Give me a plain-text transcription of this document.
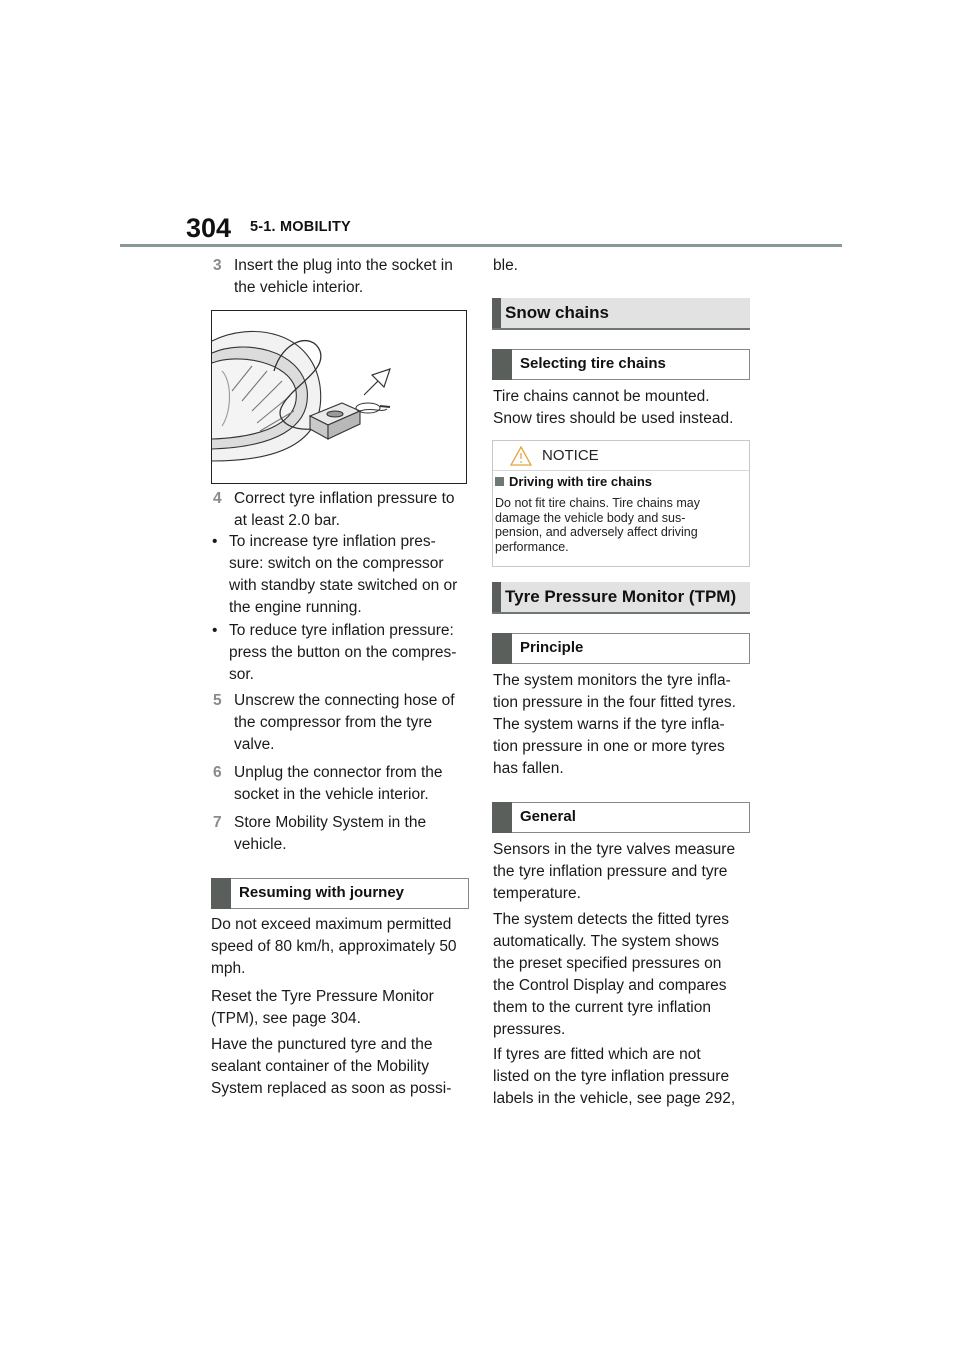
304 5-1. MOBILITY
3 Insert the plug into the socket in
the vehicle interior.
4 Correct tyre inflation pressure to
at least 2.0 bar.
• To increase tyre inflation pres-
sure: switch on the compressor
with standby state switched on or
the engine running.
• To reduce tyre inflation pressure:
press the button on the compres-
sor.
5 Unscrew the connecting hose of
the compressor from the tyre
valve.
6 Unplug the connector from the
socket in the vehicle interior.
7 Store Mobility System in the
vehicle.
Resuming with journey
Do not exceed maximum permitted
speed of 80 km/h, approximately 50
mph.
Reset the Tyre Pressure Monitor
(TPM), see page 304.
Have the punctured tyre and the
sealant container of the Mobility
System replaced as soon as possi-
ble.
Snow chains
Selecting tire chains
Tire chains cannot be mounted.
Snow tires should be used instead.
NOTICE
Driving with tire chains
Do not fit tire chains. Tire chains may
damage the vehicle body and sus-
pension, and adversely affect driving
performance.
Tyre Pressure Monitor (TPM)
Principle
The system monitors the tyre infla-
tion pressure in the four fitted tyres.
The system warns if the tyre infla-
tion pressure in one or more tyres
has fallen.
General
Sensors in the tyre valves measure
the tyre inflation pressure and tyre
temperature.
The system detects the fitted tyres
automatically. The system shows
the preset specified pressures on
the Control Display and compares
them to the current tyre inflation
pressures.
If tyres are fitted which are not
listed on the tyre inflation pressure
labels in the vehicle, see page 292,
